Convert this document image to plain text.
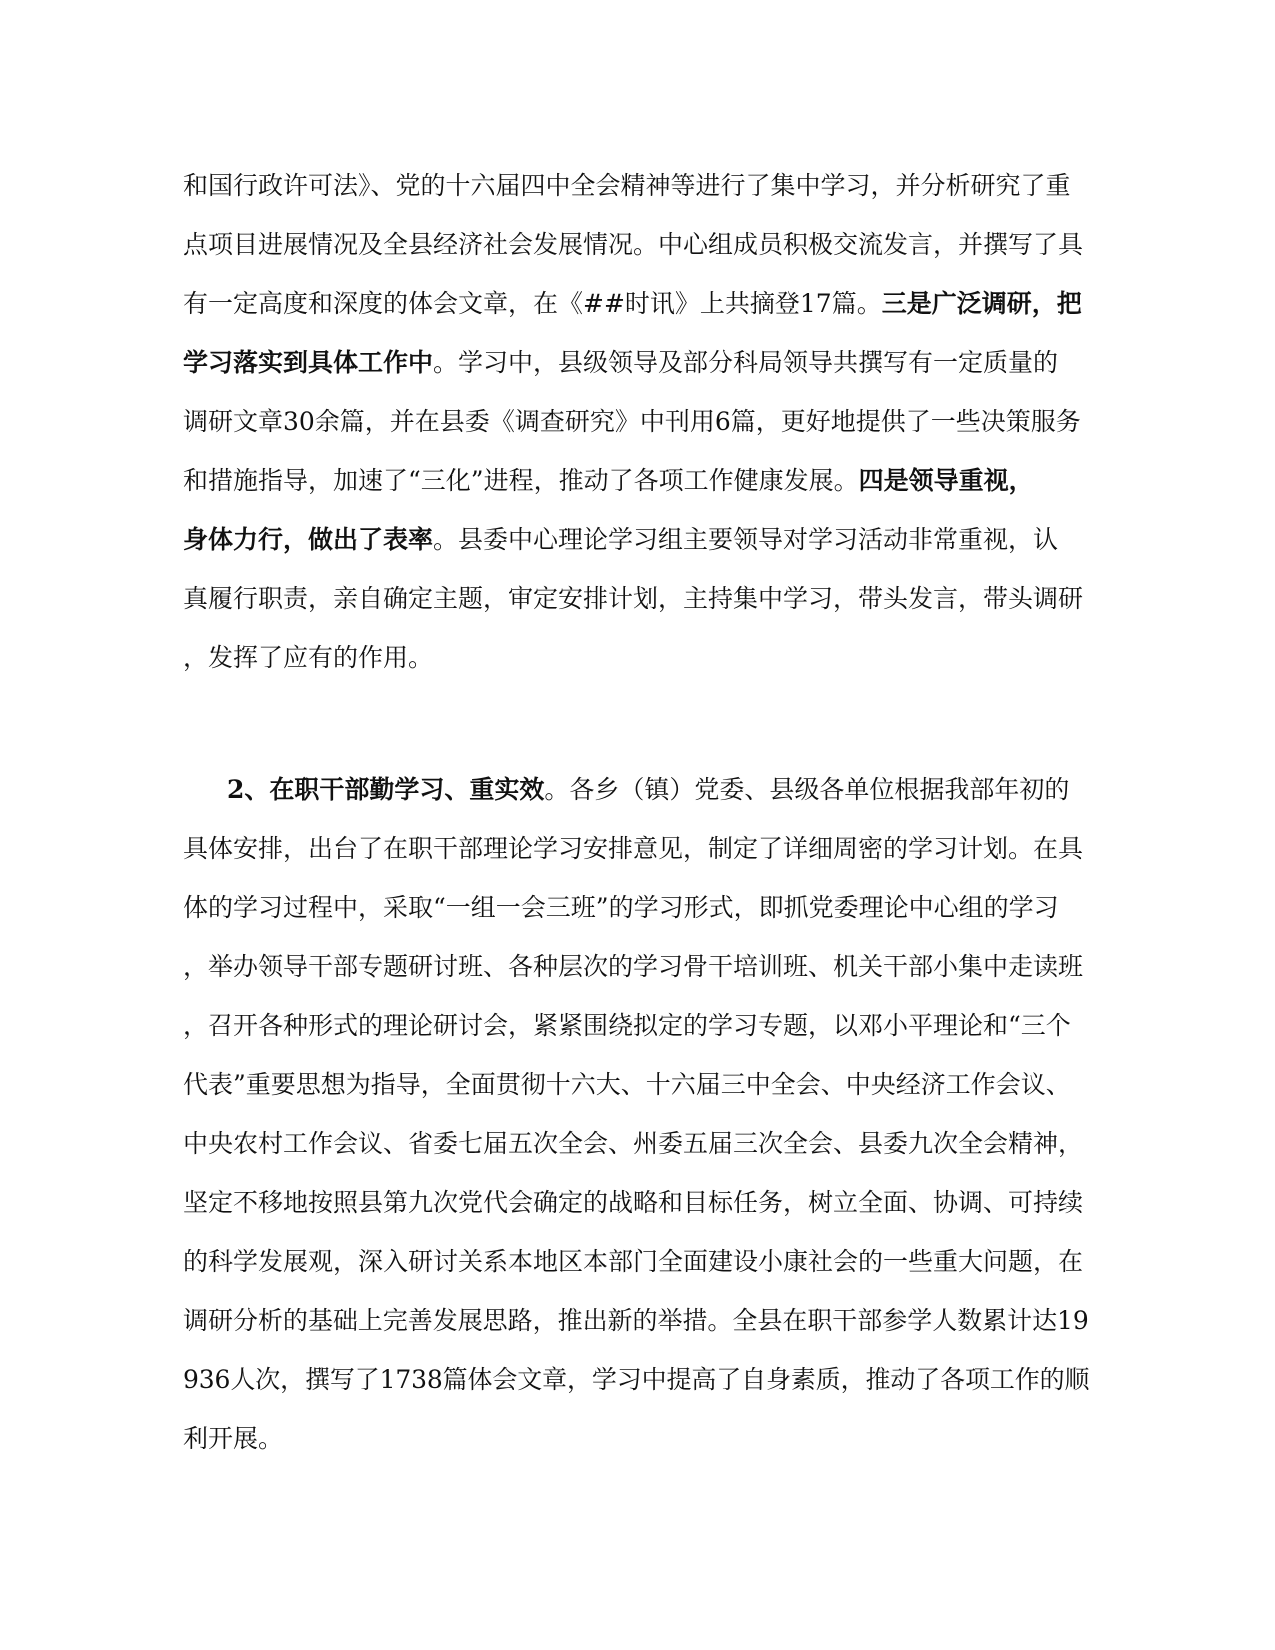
和国行政许可法》、党的十六届四中全会精神等进行了集中学习，并分析研究了重
点项目进展情况及全县经济社会发展情况。中心组成员积极交流发言，并撰写了具
有一定高度和深度的体会文章，在《##时讯》上共摘登17篇。三是广泛调研，把
学习落实到具体工作中。学习中，县级领导及部分科局领导共撰写有一定质量的
调研文章30余篇，并在县委《调查研究》中刊用6篇，更好地提供了一些决策服务
和措施指导，加速了“三化”进程，推动了各项工作健康发展。四是领导重视，
身体力行，做出了表率。县委中心理论学习组主要领导对学习活动非常重视，认
真履行职责，亲自确定主题，审定安排计划，主持集中学习，带头发言，带头调研
，发挥了应有的作用。
2、在职干部勤学习、重实效。各乡（镇）党委、县级各单位根据我部年初的
具体安排，出台了在职干部理论学习安排意见，制定了详细周密的学习计划。在具
体的学习过程中，采取“一组一会三班”的学习形式，即抓党委理论中心组的学习
，举办领导干部专题研讨班、各种层次的学习骨干培训班、机关干部小集中走读班
，召开各种形式的理论研讨会，紧紧围绕拟定的学习专题，以邓小平理论和“三个
代表”重要思想为指导，全面贯彻十六大、十六届三中全会、中央经济工作会议、
中央农村工作会议、省委七届五次全会、州委五届三次全会、县委九次全会精神，
坚定不移地按照县第九次党代会确定的战略和目标任务，树立全面、协调、可持续
的科学发展观，深入研讨关系本地区本部门全面建设小康社会的一些重大问题，在
调研分析的基础上完善发展思路，推出新的举措。全县在职干部参学人数累计达19
936人次，撰写了1738篇体会文章，学习中提高了自身素质，推动了各项工作的顺
利开展。
